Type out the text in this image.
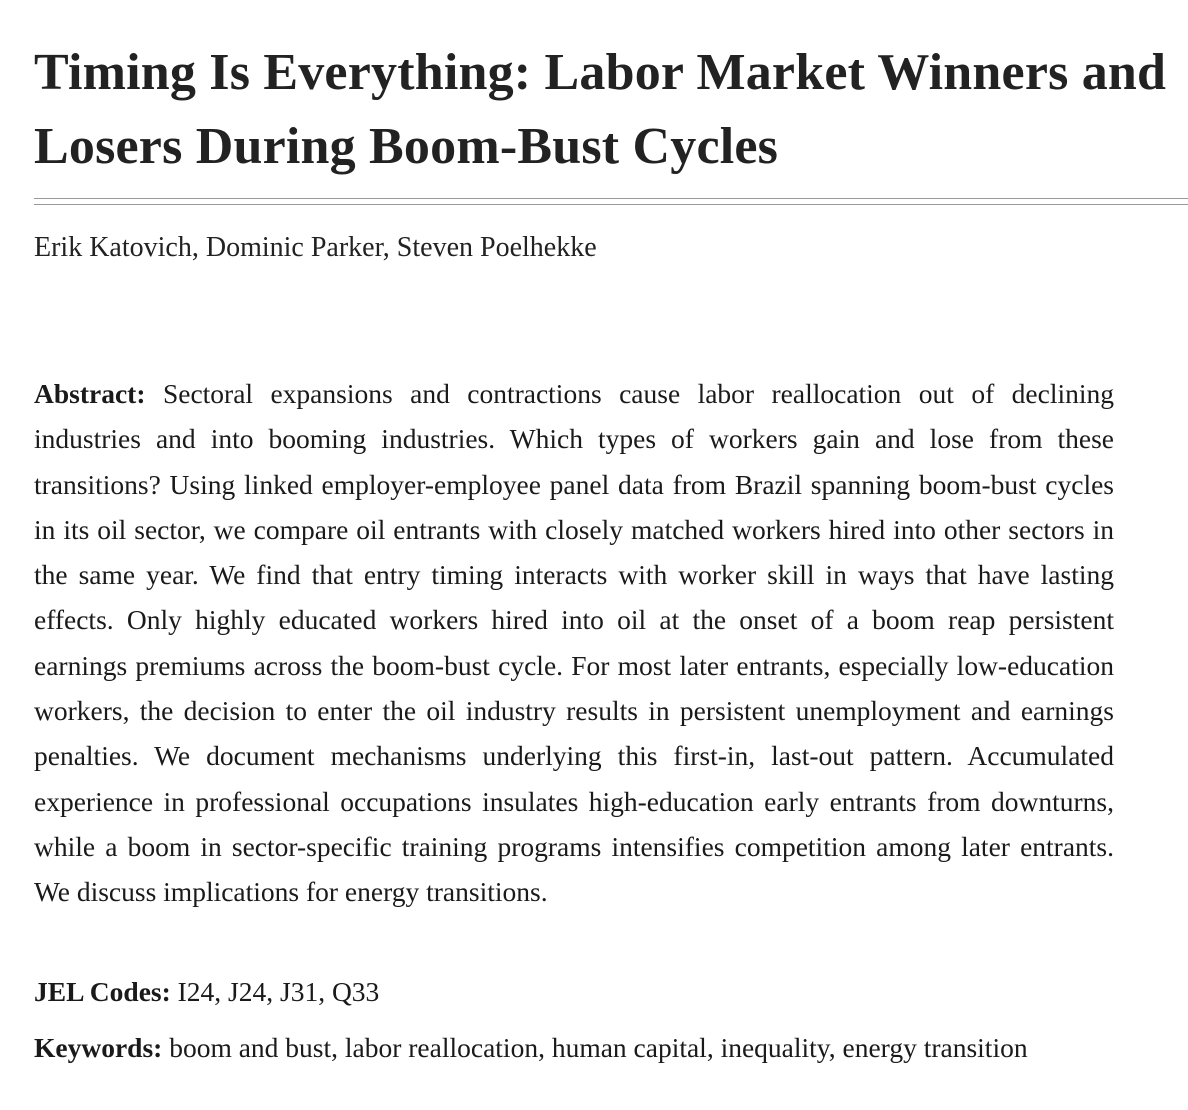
Timing Is Everything: Labor Market Winners and Losers During Boom-Bust Cycles
Erik Katovich, Dominic Parker, Steven Poelhekke

Abstract: Sectoral expansions and contractions cause labor reallocation out of declining industries and into booming industries. Which types of workers gain and lose from these transitions? Using linked employer-employee panel data from Brazil spanning boom-bust cycles in its oil sector, we compare oil entrants with closely matched workers hired into other sectors in the same year. We find that entry timing interacts with worker skill in ways that have lasting effects. Only highly educated workers hired into oil at the onset of a boom reap persistent earnings premiums across the boom-bust cycle. For most later entrants, especially low-education workers, the decision to enter the oil industry results in persistent unemployment and earnings penalties. We document mechanisms underlying this first-in, last-out pattern. Accumulated experience in professional occupations insulates high-education early entrants from downturns, while a boom in sector-specific training programs intensifies competition among later entrants. We discuss implications for energy transitions.

JEL Codes: I24, J24, J31, Q33
Keywords: boom and bust, labor reallocation, human capital, inequality, energy transition
